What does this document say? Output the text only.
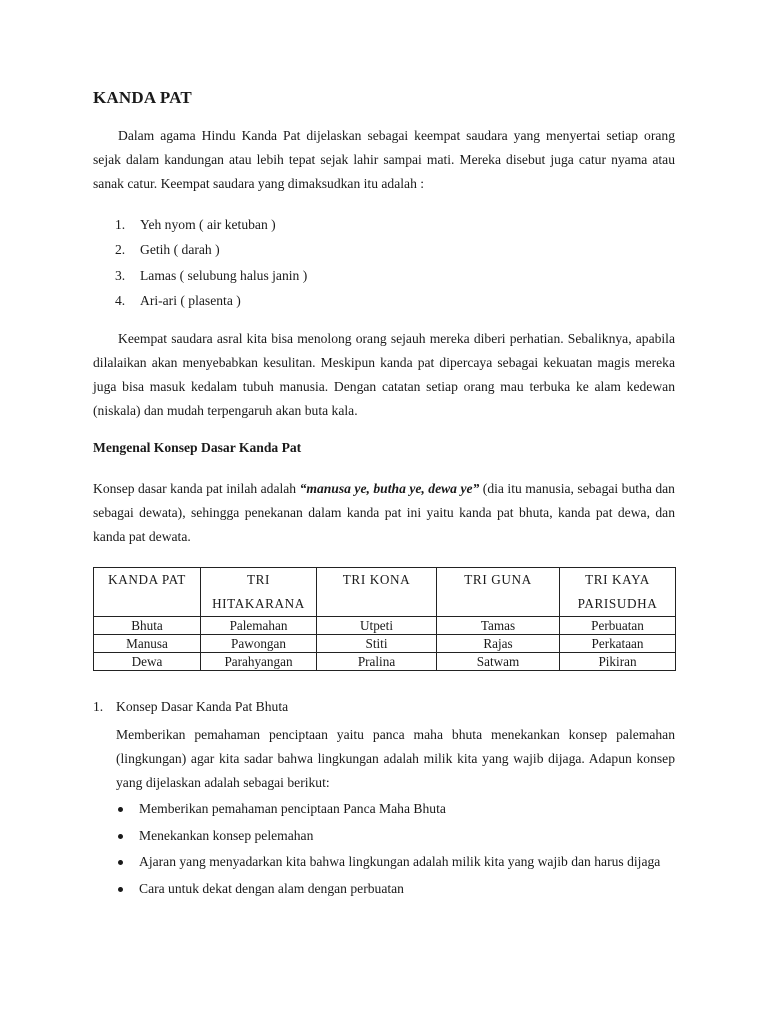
KANDA PAT

Dalam agama Hindu Kanda Pat dijelaskan sebagai keempat saudara yang menyertai setiap orang sejak dalam kandungan atau lebih tepat sejak lahir sampai mati. Mereka disebut juga catur nyama atau sanak catur. Keempat saudara yang dimaksudkan itu adalah :

1. Yeh nyom ( air ketuban )
2. Getih ( darah )
3. Lamas ( selubung halus janin )
4. Ari-ari ( plasenta )

Keempat saudara asral kita bisa menolong orang sejauh mereka diberi perhatian. Sebaliknya, apabila dilalaikan akan menyebabkan kesulitan. Meskipun kanda pat dipercaya sebagai kekuatan magis mereka juga bisa masuk kedalam tubuh manusia. Dengan catatan setiap orang mau terbuka ke alam kedewan (niskala) dan mudah terpengaruh akan buta kala.

Mengenal Konsep Dasar Kanda Pat

Konsep dasar kanda pat inilah adalah “manusa ye, butha ye, dewa ye” (dia itu manusia, sebagai butha dan sebagai dewata), sehingga penekanan dalam kanda pat ini yaitu kanda pat bhuta, kanda pat dewa, dan kanda pat dewata.

KANDA PAT	TRI HITAKARANA	TRI KONA	TRI GUNA	TRI KAYA PARISUDHA
Bhuta	Palemahan	Utpeti	Tamas	Perbuatan
Manusa	Pawongan	Stiti	Rajas	Perkataan
Dewa	Parahyangan	Pralina	Satwam	Pikiran
1. Konsep Dasar Kanda Pat Bhuta

Memberikan pemahaman penciptaan yaitu panca maha bhuta menekankan konsep palemahan (lingkungan) agar kita sadar bahwa lingkungan adalah milik kita yang wajib dijaga. Adapun konsep yang dijelaskan adalah sebagai berikut:

Memberikan pemahaman penciptaan Panca Maha Bhuta
Menekankan konsep pelemahan
Ajaran yang menyadarkan kita bahwa lingkungan adalah milik kita yang wajib dan harus dijaga
Cara untuk dekat dengan alam dengan perbuatan
